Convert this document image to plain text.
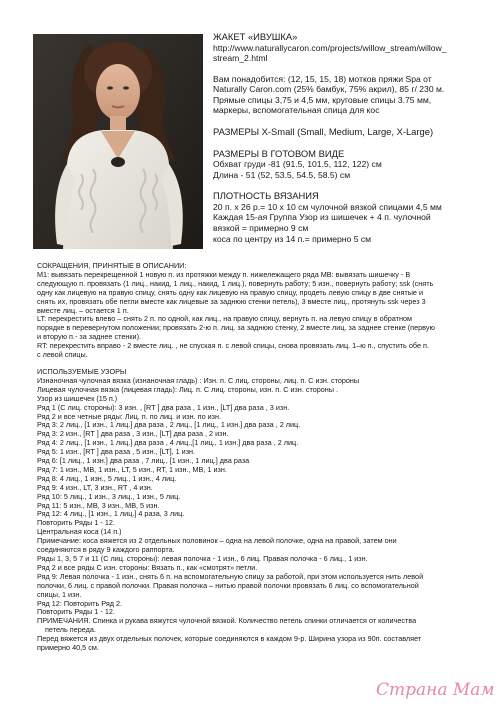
ЖАКЕТ «ИВУШКА»

http://www.naturallycaron.com/projects/willow_stream/willow_

stream_2.html

Вам понадобится: (12, 15, 15, 18) мотков пряжи Spa от

Naturally Caron.com (25% бамбук, 75% акрил), 85 г/ 230 м.

Прямые спицы 3,75 и 4,5 мм, круговые спицы 3.75 мм,

маркеры, вспомогательная спица для кос

РАЗМЕРЫ X-Small (Small, Medium, Large, X-Large)

РАЗМЕРЫ В ГОТОВОМ ВИДЕ

Обхват груди -81 (91.5, 101.5, 112, 122) см

Длина - 51 (52, 53.5, 54.5, 58.5) см

ПЛОТНОСТЬ ВЯЗАНИЯ

20 п. х 26 р.= 10 х 10 см чулочной вязкой спицами 4,5 мм

Каждая 15-ая Группа Узор из шишечек + 4 п. чулочной

вязкой = примерно 9 см

коса по центру из 14 п.= примерно 5 см

СОКРАЩЕНИЯ, ПРИНЯТЫЕ В ОПИСАНИИ:

M1: вывязать перекрещенной 1 новую п. из протяжки между п. нижележащего ряда MB: вывязать шишечку - В

следующую п. провязать (1 лиц., накид, 1 лиц., накид, 1 лиц.), повернуть работу; 5 изн., повернуть работу; ssk (снять

одну как лицевую на правую спицу, снять одну как лицевую на правую спицу, продеть левую спицу в две снятые и

снять их, провязать обе петли вместе как лицевые за заднюю стенки петель), 3 вместе лиц., протянуть ssk через 3

вместе лиц. – остается 1 п.

LT: перекрестить влево – снять 2 п. по одной, как лиц., на правую спицу, вернуть п. на левую спицу в обратном

порядке в перевернутом положении; провязать 2-ю п. лиц. за заднюю стенку, 2 вместе лиц. за заднее стенке (первую

и вторую п.- за заднее стенки).

RT: перекрестить вправо - 2 вместе лиц. , не спуская п. с левой спицы, снова провязать лиц. 1–ю п., спустить обе п.

с левой спицы.

ИСПОЛЬЗУЕМЫЕ УЗОРЫ

Изнаночная чулочная вязка (изнаночная гладь) : Изн. п. С лиц. стороны, лиц. п. С изн. стороны

Лицевая чулочная вязка (лицевая гладь): Лиц. п. С лиц. стороны, изн. п. С изн. стороны .

Узор из шишечек (15 п.)

Ряд 1 (С лиц. стороны): 3 изн. , [RT ] два раза , 1 изн., [LT] два раза , 3 изн.

Ряд 2 и все четные ряды: Лиц. п. по лиц. и изн. по изн.

Ряд 3: 2 лиц., [1 изн., 1 лиц.] два раза , 2 лиц., [1 лиц., 1 изн.] два раза , 2 лиц.

Ряд 3: 2 изн., [RT ] два раза , 3 изн., [LT] два раза , 2 изн.

Ряд 4: 2 лиц., [1 изн., 1 лиц.] два раза , 4 лиц.,[1 лиц., 1 изн.] два раза , 2 лиц.

Ряд 5: 1 изн., [RT ] два раза , 5 изн., [LT], 1 изн.

Ряд 6: [1 лиц., 1 изн.] два раза , 7 лиц., [1 изн., 1 лиц.] два раза

Ряд 7: 1 изн., MB, 1 изн., LT, 5 изн., RT, 1 изн., MB, 1 изн.

Ряд 8: 4 лиц., 1 изн., 5 лиц., 1 изн., 4 лиц.

Ряд 9: 4 изн., LT, 3 изн., RT , 4 изн.

Ряд 10: 5 лиц., 1 изн., 3 лиц., 1 изн., 5 лиц.

Ряд 11: 5 изн., MB, 3 изн., MB, 5 изн.

Ряд 12: 4 лиц., [1 изн., 1 лиц.] 4 раза, 3 лиц.

Повторить Ряды 1 - 12.

Центральная коса (14 п.)

Примечание: коса вяжется из 2 отдельных половинок – одна на левой полочке, одна на правой, затем они

соединяются в ряду 9 каждого раппорта.

Ряды 1, 3, 5 7 и 11 (С лиц. стороны): левая полочка - 1 изн., 6 лиц. Правая полочка - 6 лиц., 1 изн.

Ряд 2 и все ряды С изн. стороны: Вязать п., как «смотрят» петли.

Ряд 9: Левая полочка - 1 изн., снять 6 п. на вспомогательную спицу за работой, при этом используется нить левой

полочки, 6 лиц. с правой полочки. Правая полочка – нитью правой полочки провязать 6 лиц. со вспомогательной

спицы, 1 изн.

Ряд 12: Повторить Ряд 2.

Повторить Ряды 1 - 12.

ПРИМЕЧАНИЯ. Спинка и рукава вяжутся чулочной вязкой. Количество петель спинки отличается от количества

петель переда.

Перед вяжется из двух отдельных полочек, которые соединяются в каждом 9-р. Ширина узора из 90п. составляет

примерно 40,5 см.

Страна Мам
